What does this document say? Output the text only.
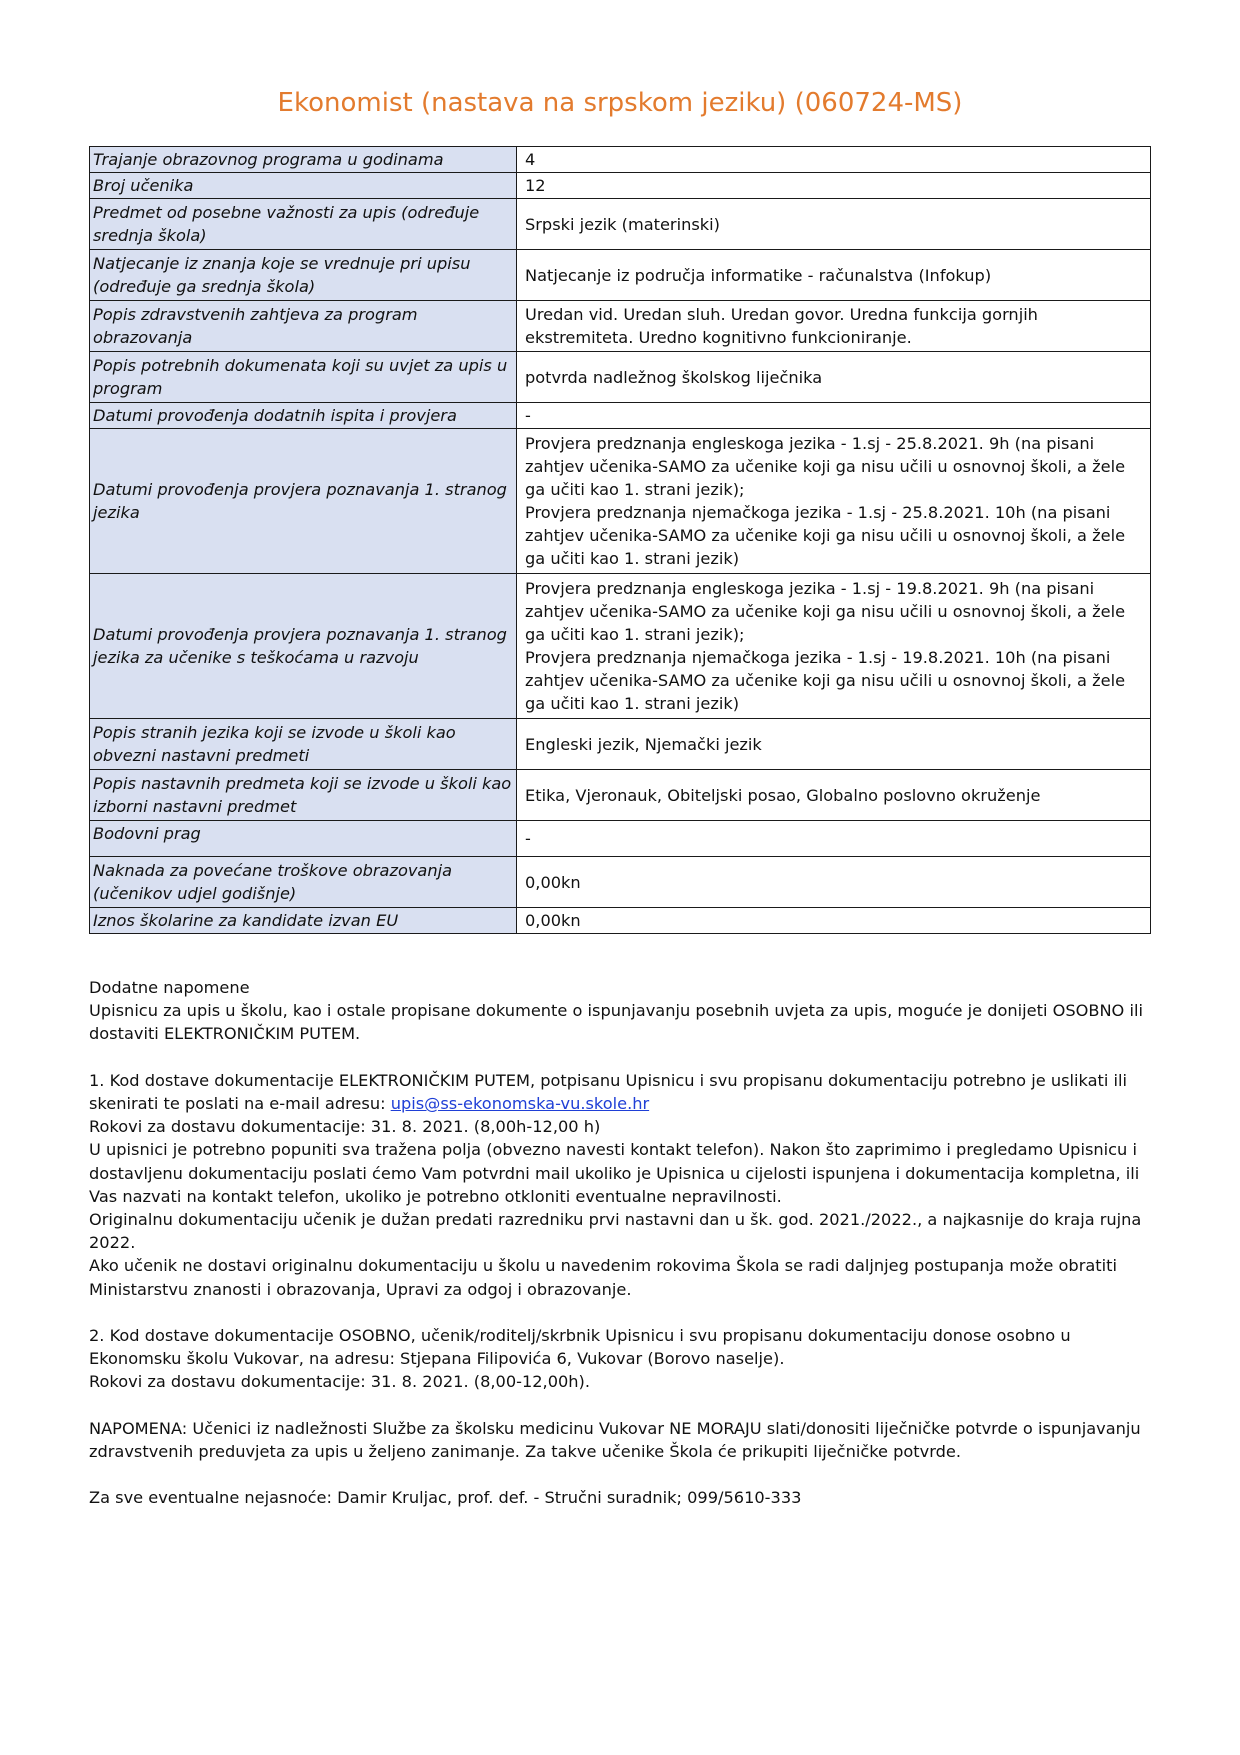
Ekonomist (nastava na srpskom jeziku) (060724-MS)
Trajanje obrazovnog programa u godinama	4

Broj učenika	12

Predmet od posebne važnosti za upis (određuje srednja škola)	Srpski jezik (materinski)

Natjecanje iz znanja koje se vrednuje pri upisu (određuje ga srednja škola)	Natjecanje iz područja informatike - računalstva (Infokup)

Popis zdravstvenih zahtjeva za program obrazovanja	Uredan vid. Uredan sluh. Uredan govor. Uredna funkcija gornjih ekstremiteta. Uredno kognitivno funkcioniranje.

Popis potrebnih dokumenata koji su uvjet za upis u program	potvrda nadležnog školskog liječnika

Datumi provođenja dodatnih ispita i provjera	-

Datumi provođenja provjera poznavanja 1. stranog jezika	Provjera predznanja engleskoga jezika - 1.sj - 25.8.2021. 9h (na pisani zahtjev učenika-SAMO za učenike koji ga nisu učili u osnovnoj školi, a žele ga učiti kao 1. strani jezik);
Provjera predznanja njemačkoga jezika - 1.sj - 25.8.2021. 10h (na pisani zahtjev učenika-SAMO za učenike koji ga nisu učili u osnovnoj školi, a žele ga učiti kao 1. strani jezik)

Datumi provođenja provjera poznavanja 1. stranog jezika za učenike s teškoćama u razvoju	Provjera predznanja engleskoga jezika - 1.sj - 19.8.2021. 9h (na pisani zahtjev učenika-SAMO za učenike koji ga nisu učili u osnovnoj školi, a žele ga učiti kao 1. strani jezik);
Provjera predznanja njemačkoga jezika - 1.sj - 19.8.2021. 10h (na pisani zahtjev učenika-SAMO za učenike koji ga nisu učili u osnovnoj školi, a žele ga učiti kao 1. strani jezik)

Popis stranih jezika koji se izvode u školi kao obvezni nastavni predmeti	Engleski jezik, Njemački jezik

Popis nastavnih predmeta koji se izvode u školi kao izborni nastavni predmet	Etika, Vjeronauk, Obiteljski posao, Globalno poslovno okruženje

Bodovni prag	-

Naknada za povećane troškove obrazovanja (učenikov udjel godišnje)	0,00kn

Iznos školarine za kandidate izvan EU	0,00kn

Dodatne napomene

Upisnicu za upis u školu, kao i ostale propisane dokumente o ispunjavanju posebnih uvjeta za upis, moguće je donijeti OSOBNO ili dostaviti ELEKTRONIČKIM PUTEM.

1. Kod dostave dokumentacije ELEKTRONIČKIM PUTEM, potpisanu Upisnicu i svu propisanu dokumentaciju potrebno je uslikati ili skenirati te poslati na e-mail adresu: upis@ss-ekonomska-vu.skole.hr

Rokovi za dostavu dokumentacije: 31. 8. 2021. (8,00h-12,00 h)

U upisnici je potrebno popuniti sva tražena polja (obvezno navesti kontakt telefon). Nakon što zaprimimo i pregledamo Upisnicu i dostavljenu dokumentaciju poslati ćemo Vam potvrdni mail ukoliko je Upisnica u cijelosti ispunjena i dokumentacija kompletna, ili Vas nazvati na kontakt telefon, ukoliko je potrebno otkloniti eventualne nepravilnosti.

Originalnu dokumentaciju učenik je dužan predati razredniku prvi nastavni dan u šk. god. 2021./2022., a najkasnije do kraja rujna 2022.

Ako učenik ne dostavi originalnu dokumentaciju u školu u navedenim rokovima Škola se radi daljnjeg postupanja može obratiti Ministarstvu znanosti i obrazovanja, Upravi za odgoj i obrazovanje.

2. Kod dostave dokumentacije OSOBNO, učenik/roditelj/skrbnik Upisnicu i svu propisanu dokumentaciju donose osobno u Ekonomsku školu Vukovar, na adresu: Stjepana Filipovića 6, Vukovar (Borovo naselje).

Rokovi za dostavu dokumentacije: 31. 8. 2021. (8,00-12,00h).

NAPOMENA: Učenici iz nadležnosti Službe za školsku medicinu Vukovar NE MORAJU slati/donositi liječničke potvrde o ispunjavanju zdravstvenih preduvjeta za upis u željeno zanimanje. Za takve učenike Škola će prikupiti liječničke potvrde.

Za sve eventualne nejasnoće: Damir Kruljac, prof. def. - Stručni suradnik; 099/5610-333
